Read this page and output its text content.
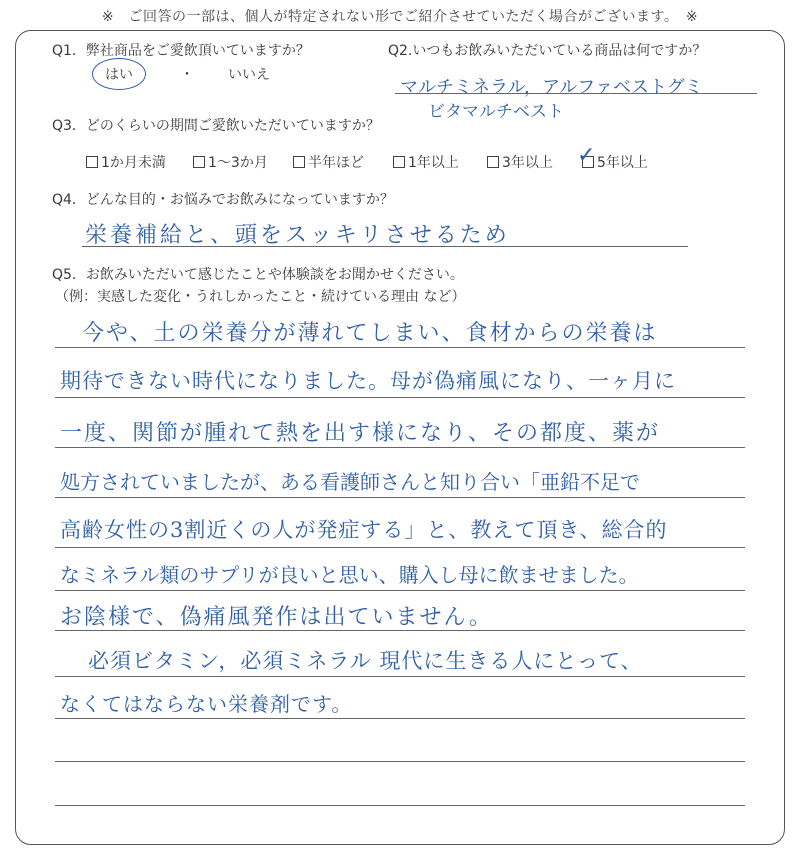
※　ご回答の一部は、個人が特定されない形でご紹介させていただく場合がございます。　※
Q1．弊社商品をご愛飲頂いていますか？
はい	・ いいえ
Q2.いつもお飲みいただいている商品は何ですか？
マルチミネラル，アルファベストグミ
ビタマルチベスト
Q3．どのくらいの期間ご愛飲いただいていますか？
1か月未満	1～3か月	半年ほど	1年以上	3年以上	5年以上
✓
Q4．どんな目的・お悩みでお飲みになっていますか？
栄養補給と、頭をスッキリさせるため
Q5．お飲みいただいて感じたことや体験談をお聞かせください。
（例：実感した変化・うれしかったこと・続けている理由 など）
今や、土の栄養分が薄れてしまい、食材からの栄養は
期待できない時代になりました。母が偽痛風になり、一ヶ月に
一度、関節が腫れて熱を出す様になり、その都度、薬が
処方されていましたが、ある看護師さんと知り合い「亜鉛不足で
高齢女性の3割近くの人が発症する」と、教えて頂き、総合的
なミネラル類のサプリが良いと思い、購入し母に飲ませました。
お陰様で、偽痛風発作は出ていません。
必須ビタミン，必須ミネラル 現代に生きる人にとって、
なくてはならない栄養剤です。
